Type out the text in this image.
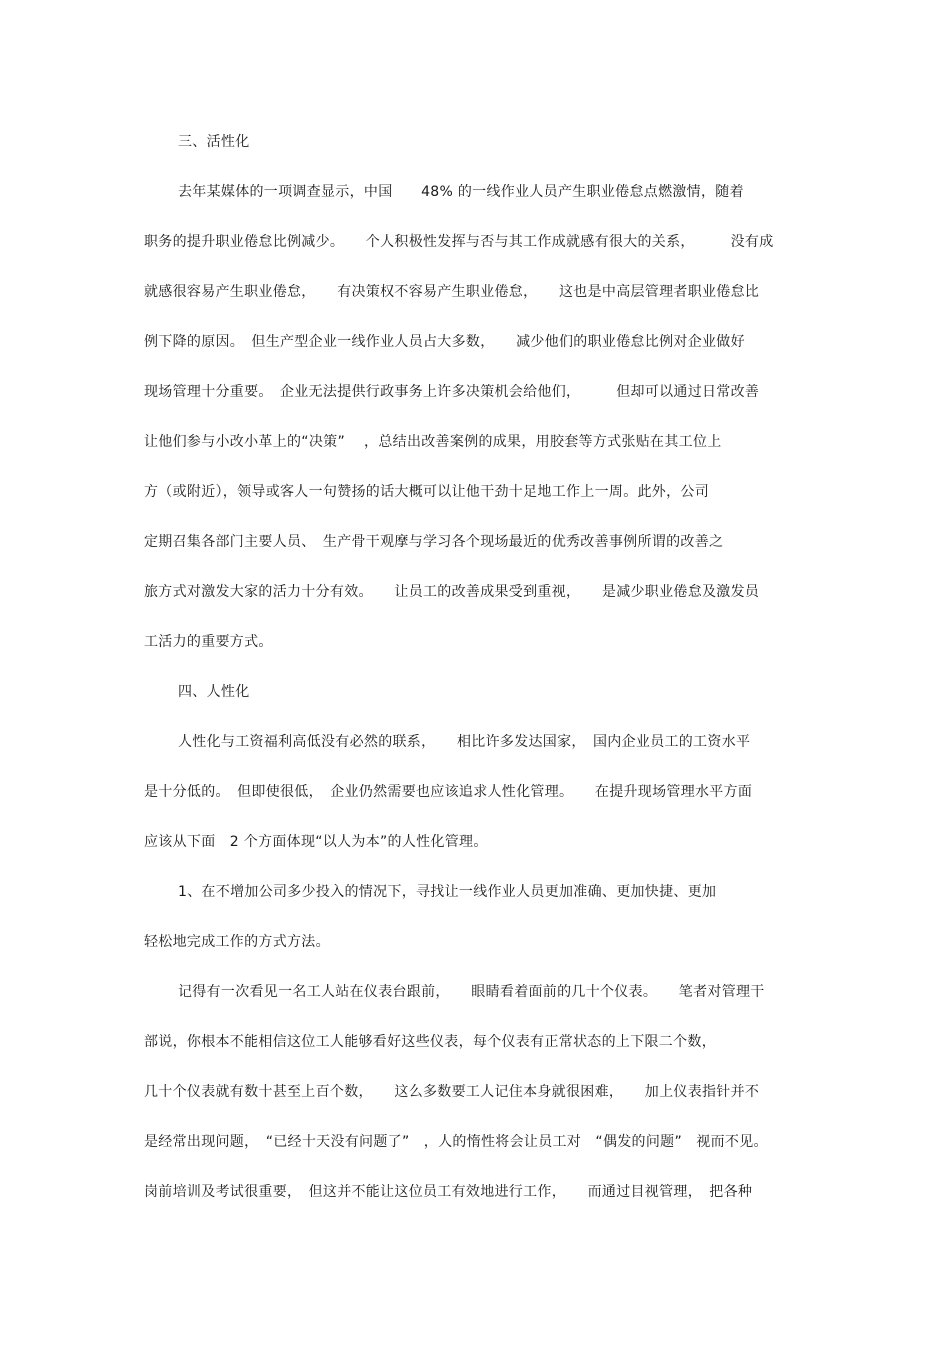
三、活性化
去年某媒体的一项调查显示，中国　　48% 的一线作业人员产生职业倦怠点燃激情，随着
职务的提升职业倦怠比例减少。　　个人积极性发挥与否与其工作成就感有很大的关系，　　　没有成
就感很容易产生职业倦怠，　　有决策权不容易产生职业倦怠，　　这也是中高层管理者职业倦怠比
例下降的原因。　但生产型企业一线作业人员占大多数，　　减少他们的职业倦怠比例对企业做好
现场管理十分重要。　企业无法提供行政事务上许多决策机会给他们，　　　但却可以通过日常改善
让他们参与小改小革上的“决策”　 ，总结出改善案例的成果，用胶套等方式张贴在其工位上
方（或附近），领导或客人一句赞扬的话大概可以让他干劲十足地工作上一周。此外，公司
定期召集各部门主要人员、　生产骨干观摩与学习各个现场最近的优秀改善事例所谓的改善之
旅方式对激发大家的活力十分有效。　　让员工的改善成果受到重视，　　是减少职业倦怠及激发员
工活力的重要方式。
四、人性化
人性化与工资福利高低没有必然的联系，　　相比许多发达国家，　国内企业员工的工资水平
是十分低的。　但即使很低，　企业仍然需要也应该追求人性化管理。　　在提升现场管理水平方面
应该从下面　2 个方面体现“以人为本”的人性化管理。
1、在不增加公司多少投入的情况下，寻找让一线作业人员更加准确、更加快捷、更加
轻松地完成工作的方式方法。
记得有一次看见一名工人站在仪表台跟前，　　眼睛看着面前的几十个仪表。　　笔者对管理干
部说，你根本不能相信这位工人能够看好这些仪表，每个仪表有正常状态的上下限二个数，
几十个仪表就有数十甚至上百个数，　　这么多数要工人记住本身就很困难，　　加上仪表指针并不
是经常出现问题，　“已经十天没有问题了”　，人的惰性将会让员工对　“偶发的问题”　视而不见。
岗前培训及考试很重要，　但这并不能让这位员工有效地进行工作，　　而通过目视管理，　把各种
